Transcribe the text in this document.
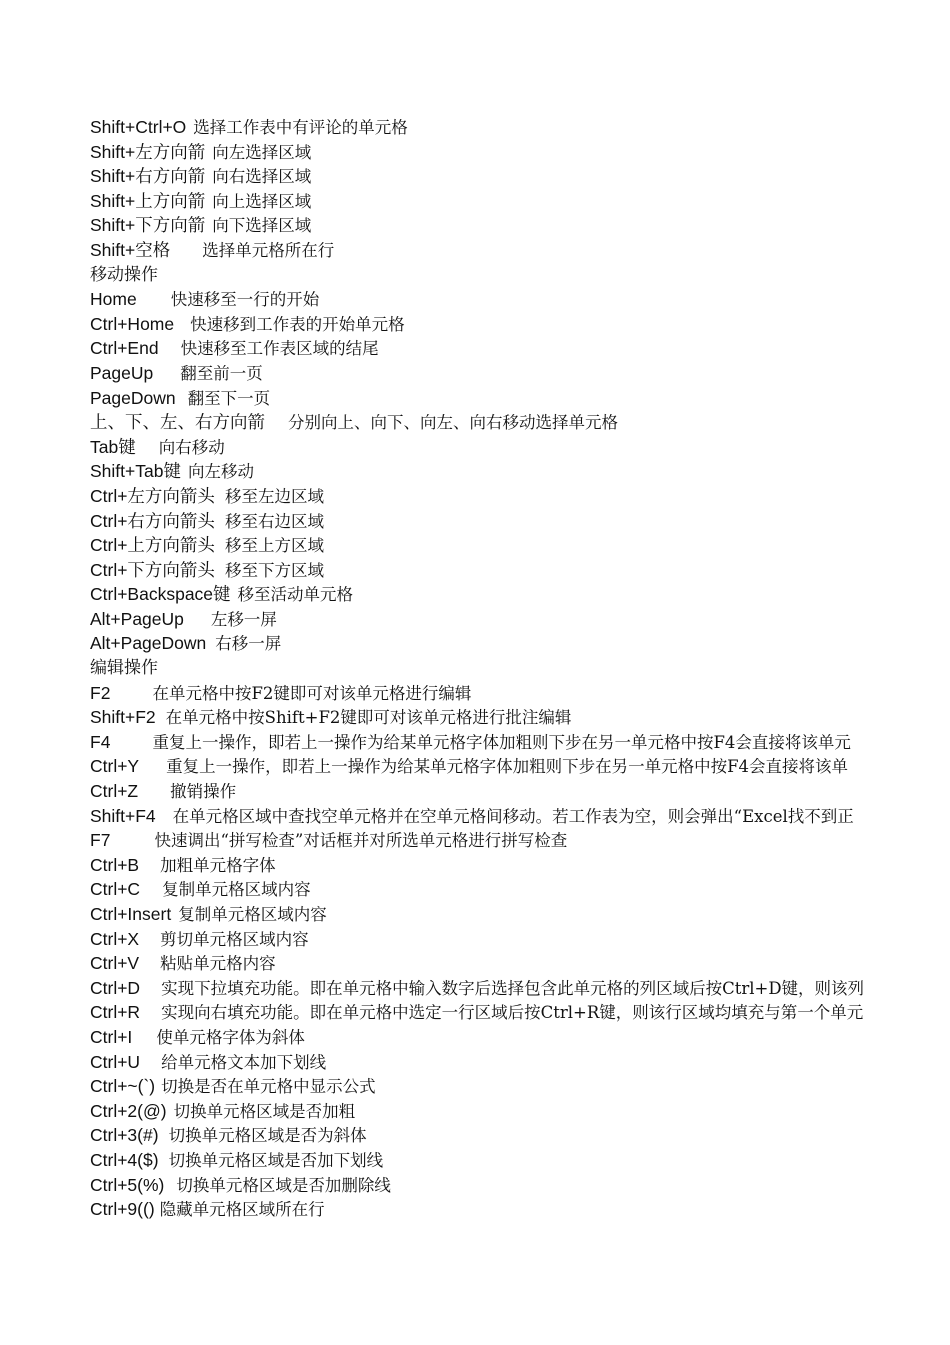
Shift+Ctrl+O 选择工作表中有评论的单元格
Shift+左方向箭 向左选择区域
Shift+右方向箭 向右选择区域
Shift+上方向箭 向上选择区域
Shift+下方向箭 向下选择区域
Shift+空格 选择单元格所在行
移动操作
Home 快速移至一行的开始
Ctrl+Home 快速移到工作表的开始单元格
Ctrl+End 快速移至工作表区域的结尾
PageUp 翻至前一页
PageDown 翻至下一页
上、下、左、右方向箭 分别向上、向下、向左、向右移动选择单元格
Tab键 向右移动
Shift+Tab键 向左移动
Ctrl+左方向箭头 移至左边区域
Ctrl+右方向箭头 移至右边区域
Ctrl+上方向箭头 移至上方区域
Ctrl+下方向箭头 移至下方区域
Ctrl+Backspace键 移至活动单元格
Alt+PageUp 左移一屏
Alt+PageDown 右移一屏
编辑操作
F2	在单元格中按F2键即可对该单元格进行编辑
Shift+F2 在单元格中按Shift+F2键即可对该单元格进行批注编辑
F4	重复上一操作，即若上一操作为给某单元格字体加粗则下步在另一单元格中按F4会直接将该单元
Ctrl+Y 重复上一操作，即若上一操作为给某单元格字体加粗则下步在另一单元格中按F4会直接将该单
Ctrl+Z 撤销操作
Shift+F4 在单元格区域中查找空单元格并在空单元格间移动。若工作表为空，则会弹出“Excel找不到正
F7	快速调出“拼写检查”对话框并对所选单元格进行拼写检查
Ctrl+B 加粗单元格字体
Ctrl+C 复制单元格区域内容
Ctrl+Insert 复制单元格区域内容
Ctrl+X 剪切单元格区域内容
Ctrl+V 粘贴单元格内容
Ctrl+D 实现下拉填充功能。即在单元格中输入数字后选择包含此单元格的列区域后按Ctrl+D键，则该列
Ctrl+R 实现向右填充功能。即在单元格中选定一行区域后按Ctrl+R键，则该行区域均填充与第一个单元
Ctrl+I 使单元格字体为斜体
Ctrl+U 给单元格文本加下划线
Ctrl+~(`) 切换是否在单元格中显示公式
Ctrl+2(@) 切换单元格区域是否加粗
Ctrl+3(#) 切换单元格区域是否为斜体
Ctrl+4($) 切换单元格区域是否加下划线
Ctrl+5(%) 切换单元格区域是否加删除线
Ctrl+9(() 隐藏单元格区域所在行
